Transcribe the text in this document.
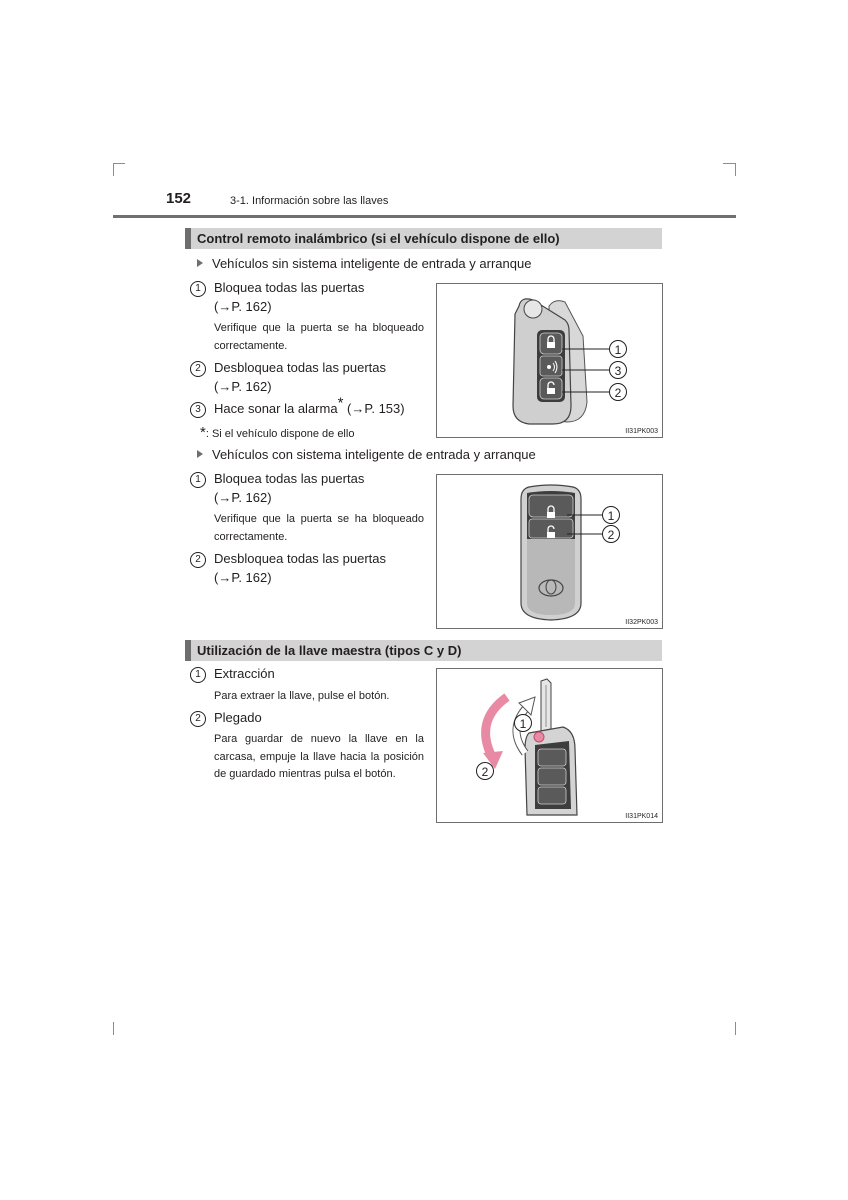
152	3-1. Información sobre las llaves
Control remoto inalámbrico (si el vehículo dispone de ello)
Vehículos sin sistema inteligente de entrada y arranque
1 Bloquea todas las puertas
(→P. 162)
Verifique que la puerta se ha bloqueado correctamente.
2 Desbloquea todas las puertas
(→P. 162)
3 Hace sonar la alarma* (→P. 153)
*: Si el vehículo dispone de ello
1
3
2
II31PK003
Vehículos con sistema inteligente de entrada y arranque
1 Bloquea todas las puertas
(→P. 162)
Verifique que la puerta se ha bloqueado correctamente.
2 Desbloquea todas las puertas
(→P. 162)
1
2
II32PK003
Utilización de la llave maestra (tipos C y D)
1 Extracción
Para extraer la llave, pulse el botón.
2 Plegado
Para guardar de nuevo la llave en la carcasa, empuje la llave hacia la posición de guardado mientras pulsa el botón.
1
2
II31PK014
